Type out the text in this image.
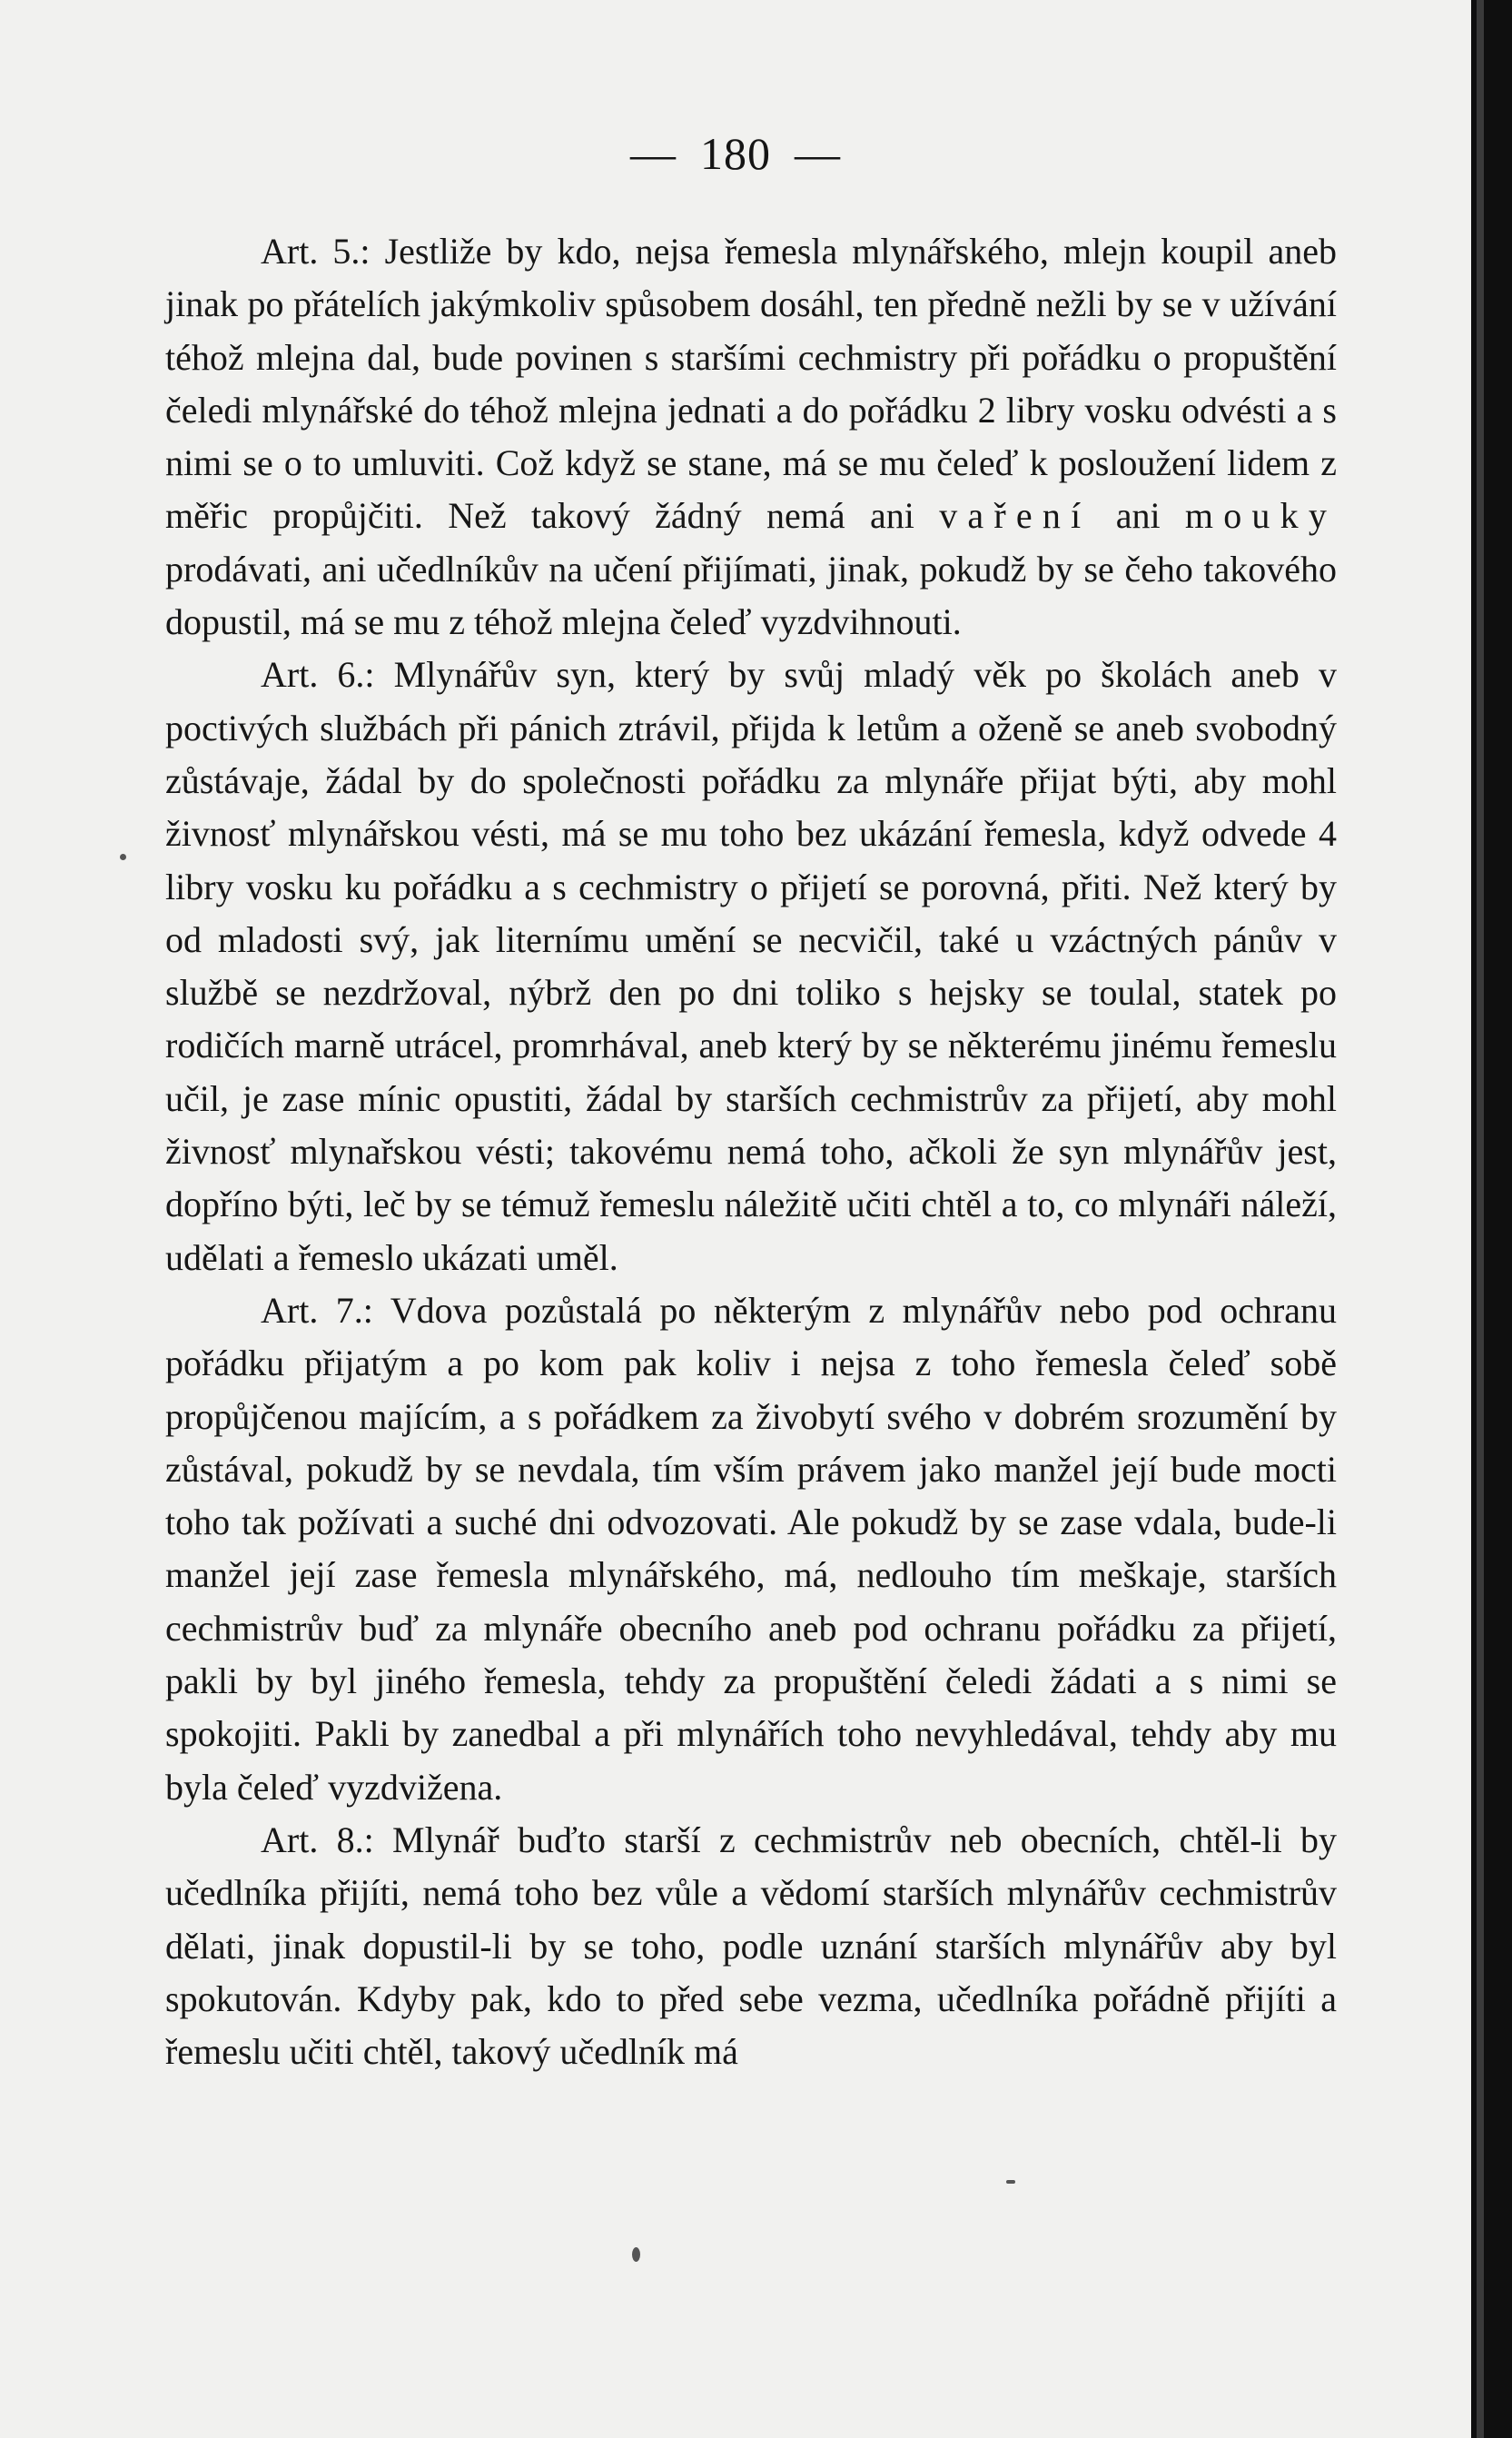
— 180 —

Art. 5.: Jestliže by kdo, nejsa řemesla mlynářského, mlejn koupil aneb jinak po přátelích jakýmkoliv spůsobem dosáhl, ten předně nežli by se v užívání téhož mlejna dal, bude povinen s staršími cechmistry při pořádku o propuštění čeledi mlynářské do téhož mlejna jednati a do pořádku 2 libry vosku odvésti a s nimi se o to umluviti. Což když se stane, má se mu čeleď k posloužení lidem z měřic propůjčiti. Než takový žádný nemá ani vaření ani mouky prodávati, ani učedlníkův na učení přijímati, jinak, pokudž by se čeho takového dopustil, má se mu z téhož mlejna čeleď vyzdvihnouti.

Art. 6.: Mlynářův syn, který by svůj mladý věk po školách aneb v poctivých službách při pánich ztrávil, přijda k letům a oženě se aneb svobodný zůstávaje, žádal by do společnosti pořádku za mlynáře přijat býti, aby mohl živnosť mlynářskou vésti, má se mu toho bez ukázání řemesla, když odvede 4 libry vosku ku pořádku a s cechmistry o přijetí se porovná, přiti. Než který by od mladosti svý, jak liternímu umění se necvičil, také u vzáctných pánův v službě se nezdržoval, nýbrž den po dni toliko s hejsky se toulal, statek po rodičích marně utrácel, promrhával, aneb který by se některému jinému řemeslu učil, je zase mínic opustiti, žádal by starších cechmistrův za přijetí, aby mohl živnosť mlynařskou vésti; takovému nemá toho, ačkoli že syn mlynářův jest, dopříno býti, leč by se témuž řemeslu náležitě učiti chtěl a to, co mlynáři náleží, udělati a řemeslo ukázati uměl.

Art. 7.: Vdova pozůstalá po některým z mlynářův nebo pod ochranu pořádku přijatým a po kom pak koliv i nejsa z toho řemesla čeleď sobě propůjčenou majícím, a s pořádkem za živobytí svého v dobrém srozumění by zůstával, pokudž by se nevdala, tím vším právem jako manžel její bude mocti toho tak požívati a suché dni odvozovati. Ale pokudž by se zase vdala, bude-li manžel její zase řemesla mlynářského, má, nedlouho tím meškaje, starších cechmistrův buď za mlynáře obecního aneb pod ochranu pořádku za přijetí, pakli by byl jiného řemesla, tehdy za propuštění čeledi žádati a s nimi se spokojiti. Pakli by zanedbal a při mlynářích toho nevyhledával, tehdy aby mu byla čeleď vyzdvižena.

Art. 8.: Mlynář buďto starší z cechmistrův neb obecních, chtěl-li by učedlníka přijíti, nemá toho bez vůle a vědomí starších mlynářův cechmistrův dělati, jinak dopustil-li by se toho, podle uznání starších mlynářův aby byl spokutován. Kdyby pak, kdo to před sebe vezma, učedlníka pořádně přijíti a řemeslu učiti chtěl, takový učedlník má
